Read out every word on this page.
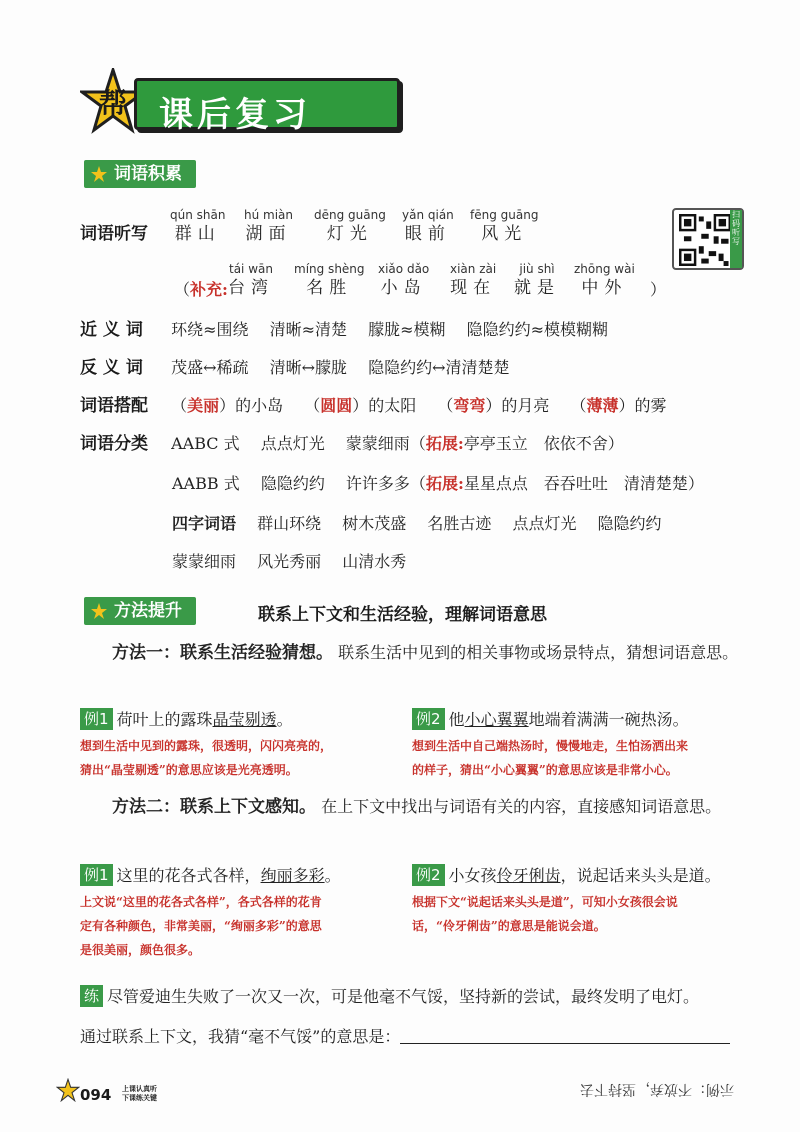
帮 课后复习
词语积累
词语听写
qún shān
群山
hú miàn
湖面
dēng guāng
灯光
yǎn qián
眼前
fēng guāng
风光
（补充:
tái wān
台湾
míng shèng
名胜
xiǎo dǎo
小岛
xiàn zài
现在
jiù shì
就是
zhōng wài
中外	）
扫码听写
近 义 词 环绕≈围绕 清晰≈清楚 朦胧≈模糊 隐隐约约≈模模糊糊
反 义 词 茂盛↔稀疏 清晰↔朦胧 隐隐约约↔清清楚楚
词语搭配 （美丽）的小岛 （圆圆）的太阳 （弯弯）的月亮 （薄薄）的雾
词语分类 AABC 式 点点灯光 蒙蒙细雨（拓展:亭亭玉立 依依不舍）
AABB 式 隐隐约约 许许多多（拓展:星星点点 吞吞吐吐 清清楚楚）
四字词语 群山环绕 树木茂盛 名胜古迹 点点灯光 隐隐约约
蒙蒙细雨 风光秀丽 山清水秀
方法提升	联系上下文和生活经验，理解词语意思
方法一：联系生活经验猜想。 联系生活中见到的相关事物或场景特点，猜想词语意思。
例1 荷叶上的露珠晶莹剔透。
想到生活中见到的露珠，很透明，闪闪亮亮的，
猜出“晶莹剔透”的意思应该是光亮透明。
例2 他小心翼翼地端着满满一碗热汤。
想到生活中自己端热汤时，慢慢地走，生怕汤洒出来
的样子，猜出“小心翼翼”的意思应该是非常小心。
方法二：联系上下文感知。 在上下文中找出与词语有关的内容，直接感知词语意思。
例1 这里的花各式各样，绚丽多彩。
上文说“这里的花各式各样”，各式各样的花肯
定有各种颜色，非常美丽，“绚丽多彩”的意思
是很美丽，颜色很多。
例2 小女孩伶牙俐齿，说起话来头头是道。
根据下文“说起话来头头是道”，可知小女孩很会说
话，“伶牙俐齿”的意思是能说会道。
练 尽管爱迪生失败了一次又一次，可是他毫不气馁，坚持新的尝试，最终发明了电灯。
通过联系上下文，我猜“毫不气馁”的意思是：
094 上课认真听
下课练关键
示例：不放弃，坚持下去
